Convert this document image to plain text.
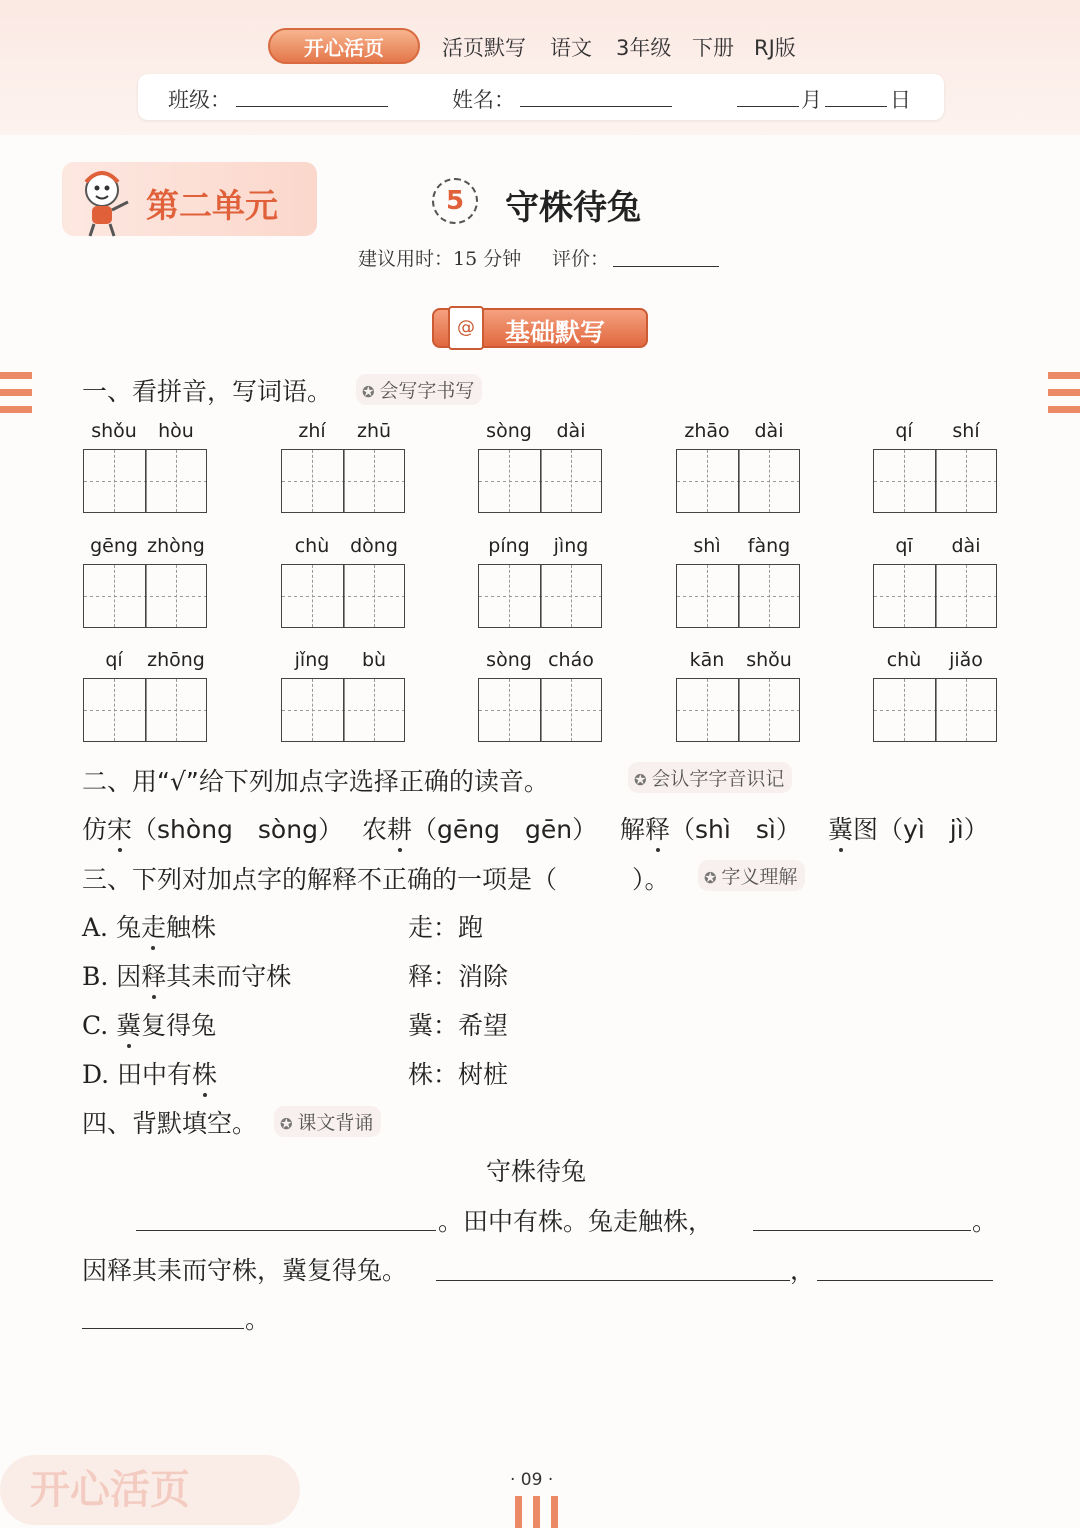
开心活页	活页默写 语文 3年级 下册 RJ版
班级：	姓名：	月	日
第二单元	5	守株待兔
建议用时：15 分钟 评价：
@	基础默写
一、看拼音，写词语。	✪ 会写字书写
shǒu	hòu	zhí	zhū	sòng	dài	zhāo	dài	qí	shí
gēng zhòng	chù	dòng	píng	jìng	shì	fàng	qī	dài
qí	zhōng	jǐng	bù	sòng cháo	kān	shǒu	chù	jiǎo
二、用“√”给下列加点字选择正确的读音。	✪ 会认字字音识记
仿宋（shòng　sòng） 农耕（gēng　gēn） 解释（shì　sì） 冀图（yì　jì）
三、下列对加点字的解释不正确的一项是（　　　）。	✪ 字义理解
A. 兔走触株	走：跑
B. 因释其耒而守株	释：消除
C. 冀复得兔	冀：希望
D. 田中有株	株：树桩
四、背默填空。	✪ 课文背诵
守株待兔
。田中有株。兔走触株，	。
因释其耒而守株，冀复得兔。	，
。
开心活页	· 09 ·
